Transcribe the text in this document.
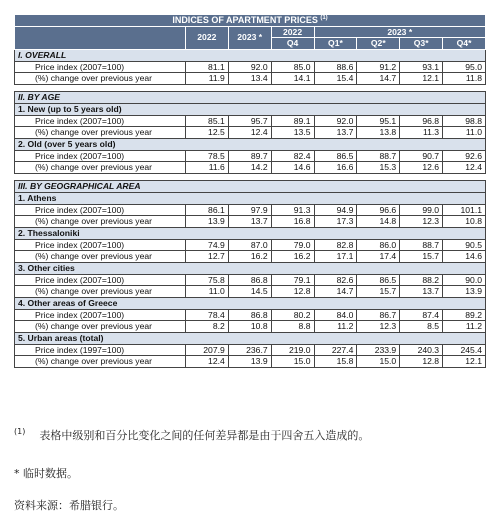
INDICES OF APARTMENT PRICES $^{(1)}$
	2022	2023 *	2022	2023 *			
			Q4	Q1*	Q2*	Q3*	Q4*
I. OVERALL							
Price index (2007=100)	81.1	92.0	85.0	88.6	91.2	93.1	95.0
(%) change over previous year	11.9	13.4	14.1	15.4	14.7	12.1	11.8

II. BY AGE							
1. New (up to 5 years old)							
Price index (2007=100)	85.1	95.7	89.1	92.0	95.1	96.8	98.8
(%) change over previous year	12.5	12.4	13.5	13.7	13.8	11.3	11.0
2. Old (over 5 years old)							
Price index (2007=100)	78.5	89.7	82.4	86.5	88.7	90.7	92.6
(%) change over previous year	11.6	14.2	14.6	16.6	15.3	12.6	12.4

III. BY GEOGRAPHICAL AREA							
1. Athens							
Price index (2007=100)	86.1	97.9	91.3	94.9	96.6	99.0	101.1
(%) change over previous year	13.9	13.7	16.8	17.3	14.8	12.3	10.8
2. Thessaloniki							
Price index (2007=100)	74.9	87.0	79.0	82.8	86.0	88.7	90.5
(%) change over previous year	12.7	16.2	16.2	17.1	17.4	15.7	14.6
3. Other cities							
Price index (2007=100)	75.8	86.8	79.1	82.6	86.5	88.2	90.0
(%) change over previous year	11.0	14.5	12.8	14.7	15.7	13.7	13.9
4. Other areas of Greece							
Price index (2007=100)	78.4	86.8	80.2	84.0	86.7	87.4	89.2
(%) change over previous year	8.2	10.8	8.8	11.2	12.3	8.5	11.2
5. Urban areas (total)							
Price index (1997=100)	207.9	236.7	219.0	227.4	233.9	240.3	245.4
(%) change over previous year	12.4	13.9	15.0	15.8	15.0	12.8	12.1
$^{(1)}$ 表格中级别和百分比变化之间的任何差异都是由于四舍五入造成的。
* 临时数据。
资料来源：希腊银行。
